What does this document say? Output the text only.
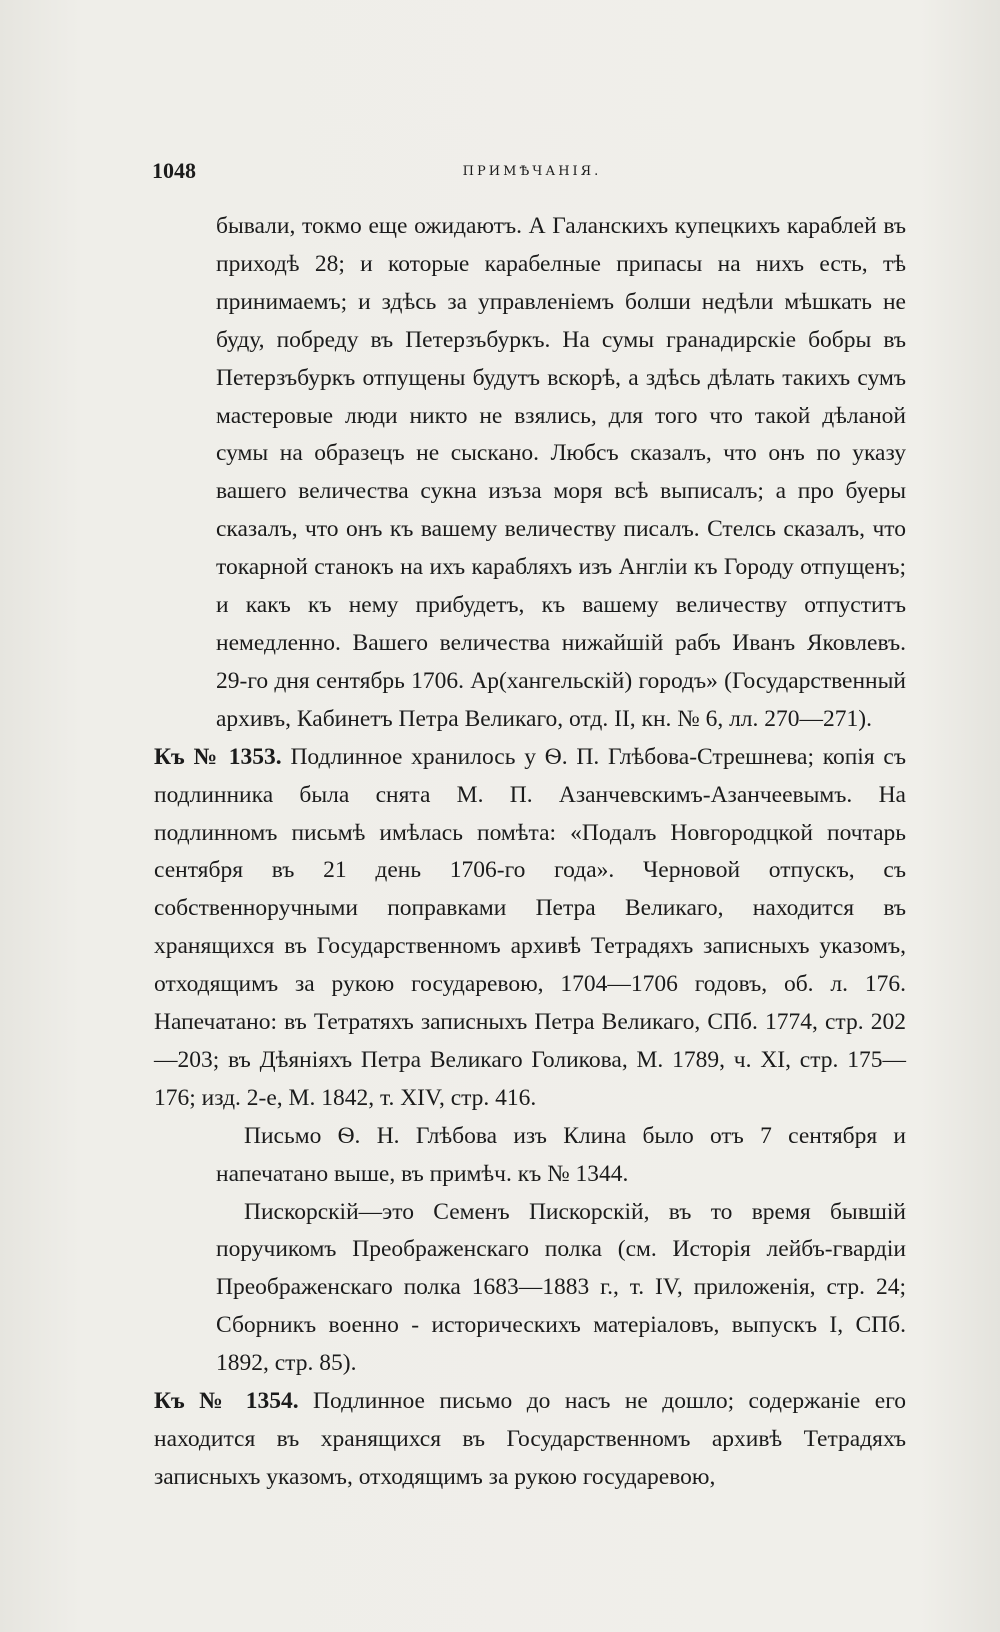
1048	ПРИМѢЧАНІЯ.

бывали, токмо еще ожидаютъ. А Галанскихъ купецкихъ караблей въ приходѣ 28; и которые карабелные припасы на нихъ есть, тѣ принимаемъ; и здѣсь за управленіемъ болши недѣли мѣшкать не буду, побреду въ Петерзъбуркъ. На сумы гранадирскіе бобры въ Петерзъбуркъ отпущены будутъ вскорѣ, а здѣсь дѣлать такихъ сумъ мастеровые люди никто не взялись, для того что такой дѣланой сумы на образецъ не сыскано. Любсъ сказалъ, что онъ по указу вашего величества сукна изъза моря всѣ выписалъ; а про буеры сказалъ, что онъ къ вашему величеству писалъ. Стелсь сказалъ, что токарной станокъ на ихъ карабляхъ изъ Англіи къ Городу отпущенъ; и какъ къ нему прибудетъ, къ вашему величеству отпуститъ немедленно. Вашего величества нижайшій рабъ Иванъ Яковлевъ. 29-го дня сентябрь 1706. Ар(хангельскій) городъ» (Государственный архивъ, Кабинетъ Петра Великаго, отд. II, кн. № 6, лл. 270—271).

Къ № 1353. Подлинное хранилось у Ѳ. П. Глѣбова-Стрешнева; копія съ подлинника была снята М. П. Азанчевскимъ-Азанчеевымъ. На подлинномъ письмѣ имѣлась помѣта: «Подалъ Новгородцкой почтарь сентября въ 21 день 1706-го года». Черновой отпускъ, съ собственноручными поправками Петра Великаго, находится въ хранящихся въ Государственномъ архивѣ Тетрадяхъ записныхъ указомъ, отходящимъ за рукою государевою, 1704—1706 годовъ, об. л. 176. Напечатано: въ Тетратяхъ записныхъ Петра Великаго, СПб. 1774, стр. 202—203; въ Дѣяніяхъ Петра Великаго Голикова, М. 1789, ч. XI, стр. 175—176; изд. 2-е, М. 1842, т. XIV, стр. 416.

Письмо Ѳ. Н. Глѣбова изъ Клина было отъ 7 сентября и напечатано выше, въ примѣч. къ № 1344.

Пискорскій—это Семенъ Пискорскій, въ то время бывшій поручикомъ Преображенскаго полка (см. Исторія лейбъ-гвардіи Преображенскаго полка 1683—1883 г., т. IV, приложенія, стр. 24; Сборникъ военно - историческихъ матеріаловъ, выпускъ I, СПб. 1892, стр. 85).

Къ № 1354. Подлинное письмо до насъ не дошло; содержаніе его находится въ хранящихся въ Государственномъ архивѣ Тетрадяхъ записныхъ указомъ, отходящимъ за рукою государевою,
